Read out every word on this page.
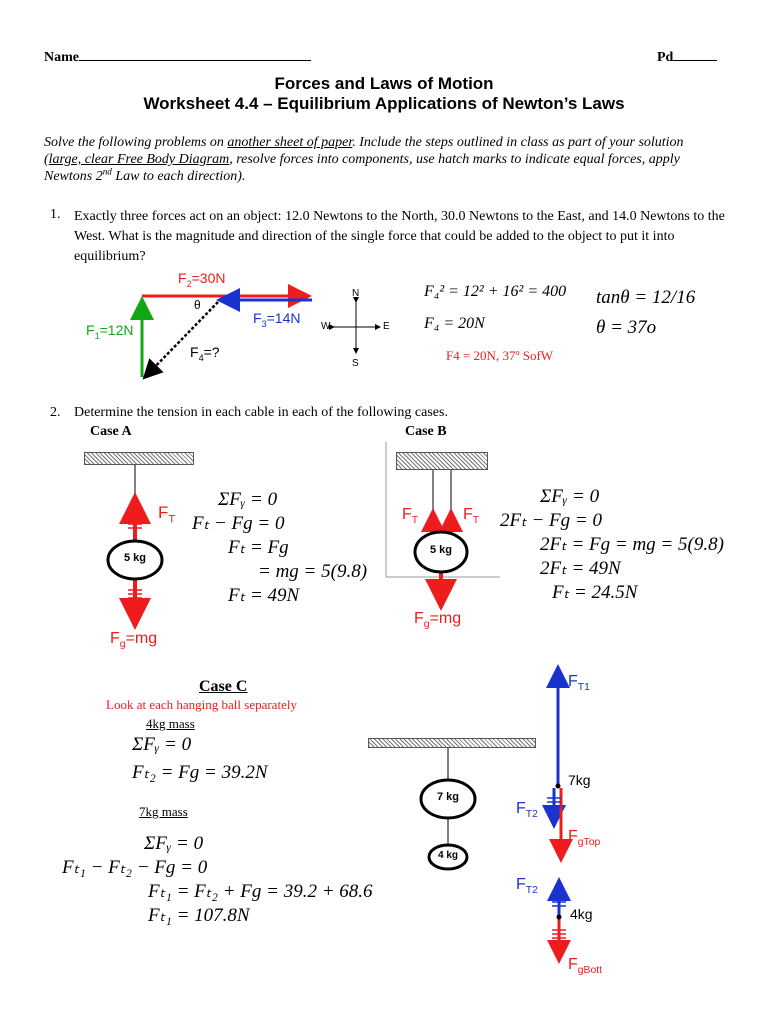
Name	Pd
Forces and Laws of Motion
Worksheet 4.4 – Equilibrium Applications of Newton’s Laws
Solve the following problems on another sheet of paper. Include the steps outlined in class as part of your solution (large, clear Free Body Diagram, resolve forces into components, use hatch marks to indicate equal forces, apply Newtons 2nd Law to each direction).
1. Exactly three forces act on an object: 12.0 Newtons to the North, 30.0 Newtons to the East, and 14.0 Newtons to the West. What is the magnitude and direction of the single force that could be added to the object to put it into equilibrium?
$F_2=30N$
$F_1=12N$
$F_3=14N$
$F_4=$?
θ
N
S
E
W
F₄² = 12² + 16² = 400
F₄ = 20N
tanθ = 12/16
θ = 37o
F4 = 20N, 37º SofW
2. Determine the tension in each cable in each of the following cases.
Case A
5 kg
$F_T$
$F_g=mg$
ΣFᵧ = 0
Fₜ − Fg = 0
Fₜ = Fg
= mg = 5(9.8)
Fₜ = 49N
Case B
5 kg
$F_T$	$F_T$
$F_g=mg$
ΣFᵧ = 0
2Fₜ − Fg = 0
2Fₜ = Fg = mg = 5(9.8)
2Fₜ = 49N
Fₜ = 24.5N
Case C
Look at each hanging ball separately
4kg mass
ΣFᵧ = 0
Fₜ₂ = Fg = 39.2N
7kg mass
ΣFᵧ = 0
Fₜ₁ − Fₜ₂ − Fg = 0
Fₜ₁ = Fₜ₂ + Fg = 39.2 + 68.6
Fₜ₁ = 107.8N
7 kg
4 kg
$F_{T1}$
7kg
$F_{T2}$
$F_{gTop}$
$F_{T2}$
4kg
$F_{gBott}$
